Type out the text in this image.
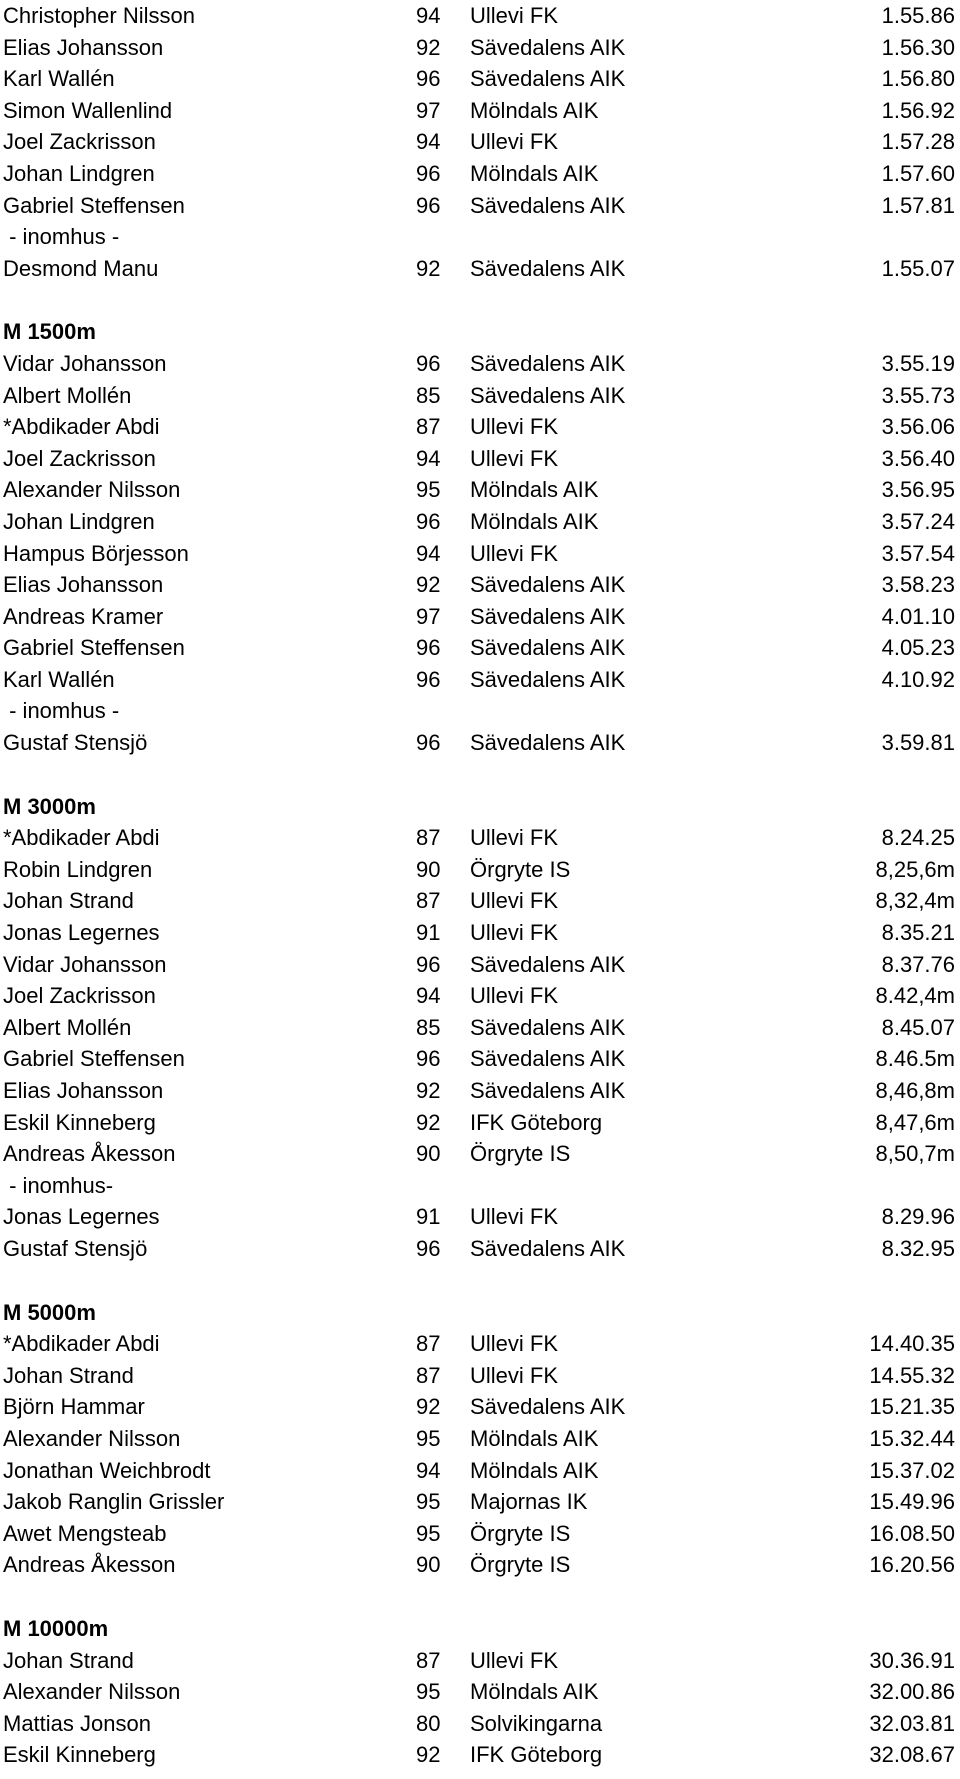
Christopher Nilsson	94 Ullevi FK	1.55.86
Elias Johansson	92 Sävedalens AIK	1.56.30
Karl Wallén	96 Sävedalens AIK	1.56.80
Simon Wallenlind	97 Mölndals AIK	1.56.92
Joel Zackrisson	94 Ullevi FK	1.57.28
Johan Lindgren	96 Mölndals AIK	1.57.60
Gabriel Steffensen	96 Sävedalens AIK	1.57.81
- inomhus -
Desmond Manu	92 Sävedalens AIK	1.55.07
M 1500m
Vidar Johansson	96 Sävedalens AIK	3.55.19
Albert Mollén	85 Sävedalens AIK	3.55.73
*Abdikader Abdi	87 Ullevi FK	3.56.06
Joel Zackrisson	94 Ullevi FK	3.56.40
Alexander Nilsson	95 Mölndals AIK	3.56.95
Johan Lindgren	96 Mölndals AIK	3.57.24
Hampus Börjesson	94 Ullevi FK	3.57.54
Elias Johansson	92 Sävedalens AIK	3.58.23
Andreas Kramer	97 Sävedalens AIK	4.01.10
Gabriel Steffensen	96 Sävedalens AIK	4.05.23
Karl Wallén	96 Sävedalens AIK	4.10.92
- inomhus -
Gustaf Stensjö	96 Sävedalens AIK	3.59.81
M 3000m
*Abdikader Abdi	87 Ullevi FK	8.24.25
Robin Lindgren	90 Örgryte IS	8,25,6m
Johan Strand	87 Ullevi FK	8,32,4m
Jonas Legernes	91 Ullevi FK	8.35.21
Vidar Johansson	96 Sävedalens AIK	8.37.76
Joel Zackrisson	94 Ullevi FK	8.42,4m
Albert Mollén	85 Sävedalens AIK	8.45.07
Gabriel Steffensen	96 Sävedalens AIK	8.46.5m
Elias Johansson	92 Sävedalens AIK	8,46,8m
Eskil Kinneberg	92 IFK Göteborg	8,47,6m
Andreas Åkesson	90 Örgryte IS	8,50,7m
- inomhus-
Jonas Legernes	91 Ullevi FK	8.29.96
Gustaf Stensjö	96 Sävedalens AIK	8.32.95
M 5000m
*Abdikader Abdi	87 Ullevi FK	14.40.35
Johan Strand	87 Ullevi FK	14.55.32
Björn Hammar	92 Sävedalens AIK	15.21.35
Alexander Nilsson	95 Mölndals AIK	15.32.44
Jonathan Weichbrodt	94 Mölndals AIK	15.37.02
Jakob Ranglin Grissler	95 Majornas IK	15.49.96
Awet Mengsteab	95 Örgryte IS	16.08.50
Andreas Åkesson	90 Örgryte IS	16.20.56
M 10000m
Johan Strand	87 Ullevi FK	30.36.91
Alexander Nilsson	95 Mölndals AIK	32.00.86
Mattias Jonson	80 Solvikingarna	32.03.81
Eskil Kinneberg	92 IFK Göteborg	32.08.67
